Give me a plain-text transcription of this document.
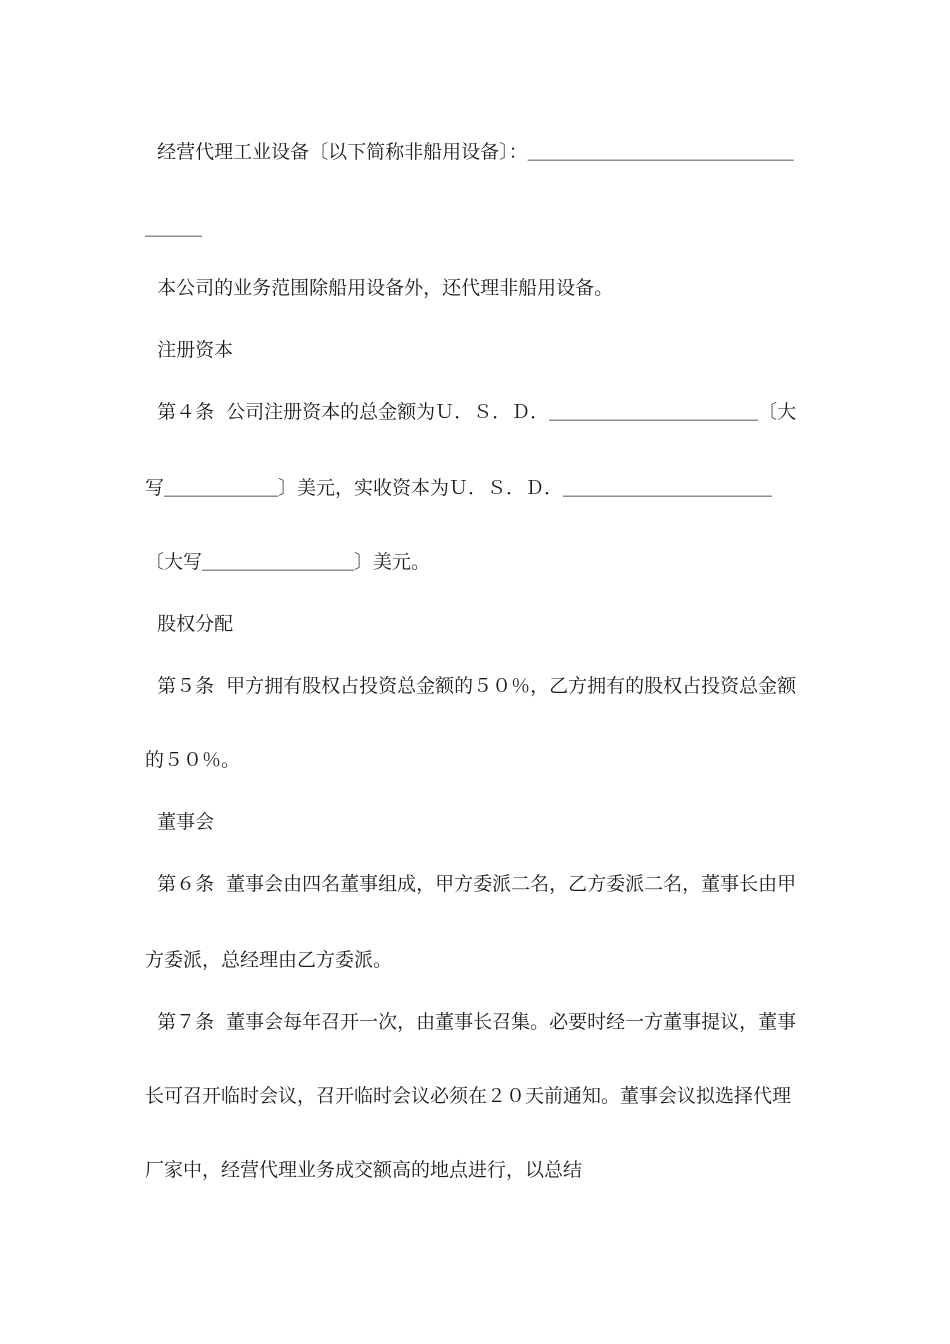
经营代理工业设备〔以下简称非船用设备〕：＿＿＿＿＿＿＿＿＿＿＿＿＿＿
＿＿＿
本公司的业务范围除船用设备外，还代理非船用设备。
注册资本
第４条  公司注册资本的总金额为Ｕ．Ｓ．Ｄ．＿＿＿＿＿＿＿＿＿＿＿〔大
写＿＿＿＿＿＿〕美元，实收资本为Ｕ．Ｓ．Ｄ．＿＿＿＿＿＿＿＿＿＿＿
〔大写＿＿＿＿＿＿＿＿〕美元。
股权分配
第５条  甲方拥有股权占投资总金额的５０％，乙方拥有的股权占投资总金额
的５０％。
董事会
第６条  董事会由四名董事组成，甲方委派二名，乙方委派二名，董事长由甲
方委派，总经理由乙方委派。
第７条  董事会每年召开一次，由董事长召集。必要时经一方董事提议，董事
长可召开临时会议，召开临时会议必须在２０天前通知。董事会议拟选择代理
厂家中，经营代理业务成交额高的地点进行，以总结
